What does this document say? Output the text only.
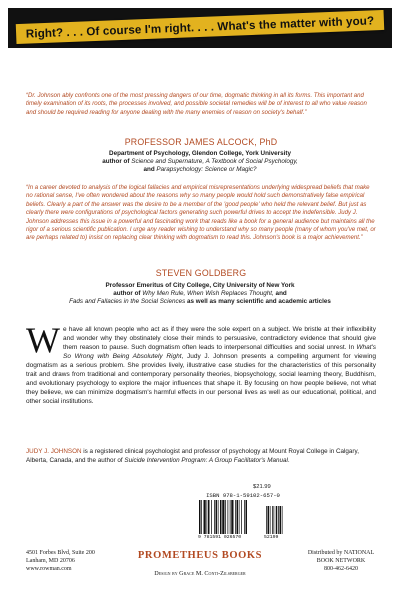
Right? . . . Of course I'm right. . . . What's the matter with you?

“Dr. Johnson ably confronts one of the most pressing dangers of our time, dogmatic thinking in all its forms. This important and timely examination of its roots, the processes involved, and possible societal remedies will be of interest to all who value reason and should be required reading for anyone dealing with the many enemies of reason on society's behalf.”

PROFESSOR JAMES ALCOCK, PhD
Department of Psychology, Glendon College, York University
author of Science and Supernature, A Textbook of Social Psychology,
and Parapsychology: Science or Magic?

“In a career devoted to analysis of the logical fallacies and empirical misrepresentations underlying widespread beliefs that make no rational sense, I've often wondered about the reasons why so many people would hold such demonstratively false empirical beliefs. Clearly a part of the answer was the desire to be a member of the 'good people' who held the relevant belief. But just as clearly there were configurations of psychological factors generating such powerful drives to accept the indefensible. Judy J. Johnson addresses this issue in a powerful and fascinating work that reads like a book for a general audience but maintains all the rigor of a serious scientific publication. I urge any reader wishing to understand why so many people (many of whom you've met, or are perhaps related to) insist on replacing clear thinking with dogmatism to read this. Johnson's book is a major achievement.”

STEVEN GOLDBERG
Professor Emeritus of City College, City University of New York
author of Why Men Rule, When Wish Replaces Thought, and
Fads and Fallacies in the Social Sciences as well as many scientific and academic articles
We have all known people who act as if they were the sole expert on a subject. We bristle at their inflexibility and wonder why they obstinately close their minds to persuasive, contradictory evidence that should give them reason to pause. Such dogmatism often leads to interpersonal difficulties and social unrest. In What's So Wrong with Being Absolutely Right, Judy J. Johnson presents a compelling argument for viewing dogmatism as a serious problem. She provides lively, illustrative case studies for the characteristics of this personality trait and draws from traditional and contemporary personality theories, biopsychology, social learning theory, Buddhism, and evolutionary psychology to explore the major influences that shape it. By focusing on how people believe, not what they believe, we can minimize dogmatism's harmful effects in our personal lives as well as our educational, political, and other social institutions.
JUDY J. JOHNSON is a registered clinical psychologist and professor of psychology at Mount Royal College in Calgary, Alberta, Canada, and the author of Suicide Intervention Program: A Group Facilitator's Manual.
$21.99
ISBN 978-1-59102-657-0
9 781591 026570	52199
4501 Forbes Blvd, Suite 200
Lanham, MD 20706
www.rowman.com
PROMETHEUS BOOKS
Design by Grace M. Conti-Zilsberger
Distributed by NATIONAL
BOOK NETWORK
800-462-6420
